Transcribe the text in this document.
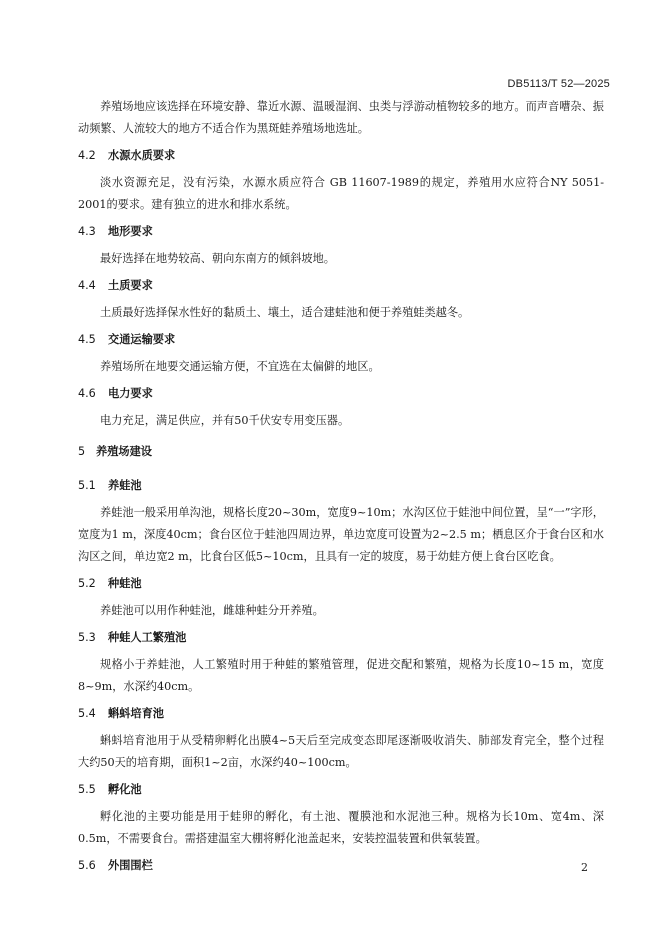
DB5113/T 52—2025
养殖场地应该选择在环境安静、靠近水源、温暖湿润、虫类与浮游动植物较多的地方。而声音嘈杂、振动频繁、人流较大的地方不适合作为黑斑蛙养殖场地选址。
4.2 水源水质要求
淡水资源充足，没有污染，水源水质应符合 GB 11607-1989的规定，养殖用水应符合NY 5051-2001的要求。建有独立的进水和排水系统。
4.3 地形要求
最好选择在地势较高、朝向东南方的倾斜坡地。
4.4 土质要求
土质最好选择保水性好的黏质土、壤土，适合建蛙池和便于养殖蛙类越冬。
4.5 交通运输要求
养殖场所在地要交通运输方便，不宜选在太偏僻的地区。
4.6 电力要求
电力充足，满足供应，并有50千伏安专用变压器。
5 养殖场建设
5.1 养蛙池
养蛙池一般采用单沟池，规格长度20~30m，宽度9~10m；水沟区位于蛙池中间位置，呈“一”字形，宽度为1 m，深度40cm；食台区位于蛙池四周边界，单边宽度可设置为2~2.5 m；栖息区介于食台区和水沟区之间，单边宽2 m，比食台区低5~10cm，且具有一定的坡度，易于幼蛙方便上食台区吃食。
5.2 种蛙池
养蛙池可以用作种蛙池，雌雄种蛙分开养殖。
5.3 种蛙人工繁殖池
规格小于养蛙池，人工繁殖时用于种蛙的繁殖管理，促进交配和繁殖，规格为长度10~15 m，宽度8~9m，水深约40cm。
5.4 蝌蚪培育池
蝌蚪培育池用于从受精卵孵化出膜4~5天后至完成变态即尾逐渐吸收消失、肺部发育完全，整个过程大约50天的培育期，面积1~2亩，水深约40~100cm。
5.5 孵化池
孵化池的主要功能是用于蛙卵的孵化，有土池、覆膜池和水泥池三种。规格为长10m、宽4m、深0.5m，不需要食台。需搭建温室大棚将孵化池盖起来，安装控温装置和供氧装置。
5.6 外围围栏	2
